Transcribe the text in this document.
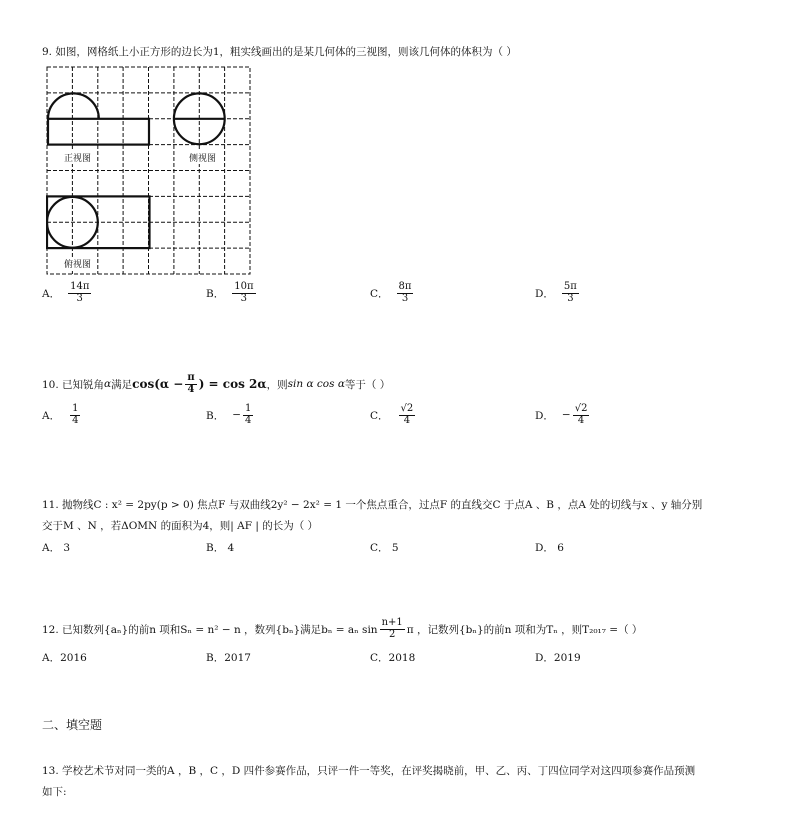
9. 如图，网格纸上小正方形的边长为1，粗实线画出的是某几何体的三视图，则该几何体的体积为（ ）
正视图	侧视图
俯视图
A． $\frac{14\pi}{3}$	B． $\frac{10\pi}{3}$	C． $\frac{8\pi}{3}$	D． $\frac{5\pi}{3}$
10. 已知锐角 α 满足 $\cos(\alpha - \frac{\pi}{4}$ ) = cos 2α ，则 sin α cos α 等于（ ）
A． $\frac{1}{4}$	B． − $\frac{1}{4}$	C． $\frac{√2}{4}$	D． − $\frac{√2}{4}$
11. 抛物线C : x² = 2py(p > 0) 焦点F 与双曲线2y² − 2x² = 1 一个焦点重合，过点F 的直线交C 于点A 、B ，点A 处的切线与x 、y 轴分别
交于M 、N ，若ΔOMN 的面积为4，则| AF | 的长为（ ）
A． 3	B． 4	C． 5	D． 6
12. 已知数列{aₙ}的前n 项和Sₙ = n² − n ，数列{bₙ}满足bₙ = aₙ $\sin \frac{n+1}{2}$ π ，记数列{bₙ}的前n 项和为Tₙ ，则T₂₀₁₇ =（ ）
A．2016	B．2017	C．2018	D．2019
二、填空题
13. 学校艺术节对同一类的A ，B ，C ，D 四件参赛作品，只评一件一等奖，在评奖揭晓前，甲、乙、丙、丁四位同学对这四项参赛作品预测
如下:
